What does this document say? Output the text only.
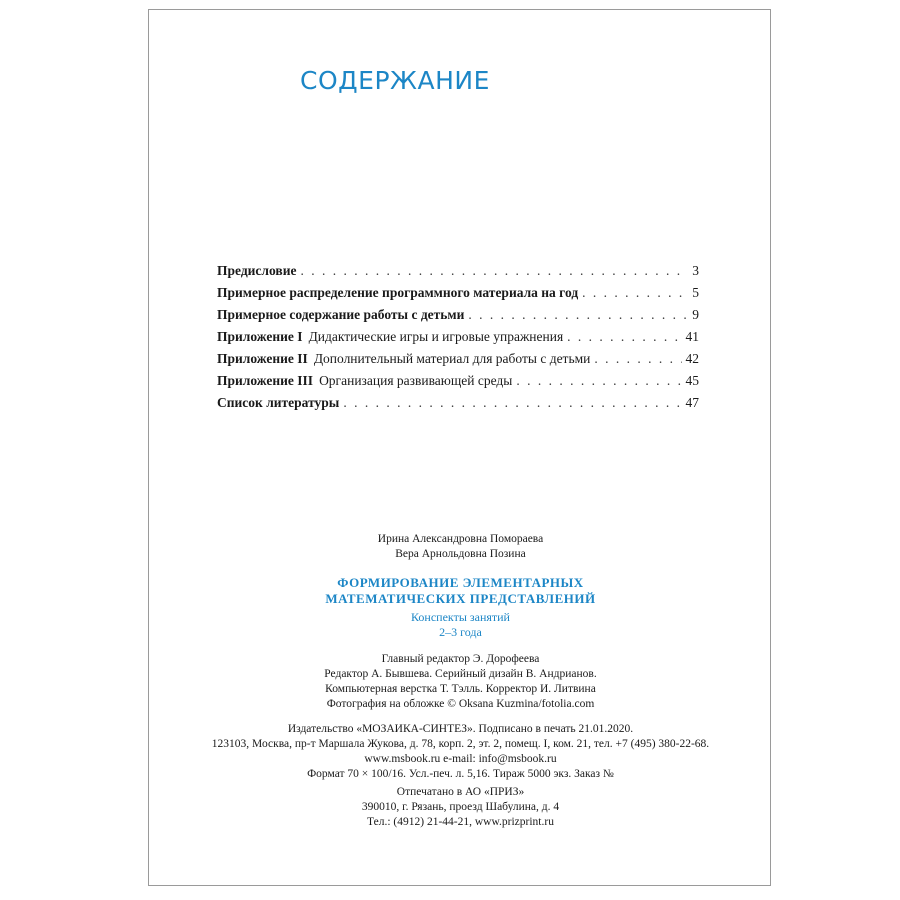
СОДЕРЖАНИЕ
Предисловие . . .	3
Примерное распределение программного материала на год . . .	5
Примерное содержание работы с детьми . . .	9
Приложение I Дидактические игры и игровые упражнения . . .	41
Приложение II Дополнительный материал для работы с детьми . . .	42
Приложение III Организация развивающей среды . . .	45
Список литературы . . .	47
Ирина Александровна Помораева
Вера Арнольдовна Позина
ФОРМИРОВАНИЕ ЭЛЕМЕНТАРНЫХ
МАТЕМАТИЧЕСКИХ ПРЕДСТАВЛЕНИЙ
Конспекты занятий
2–3 года
Главный редактор Э. Дорофеева
Редактор А. Бывшева. Серийный дизайн В. Андрианов.
Компьютерная верстка Т. Тэлль. Корректор И. Литвина
Фотография на обложке © Oksana Kuzmina/fotolia.com
Издательство «МОЗАИКА-СИНТЕЗ». Подписано в печать 21.01.2020.
123103, Москва, пр-т Маршала Жукова, д. 78, корп. 2, эт. 2, помещ. I, ком. 21, тел. +7 (495) 380-22-68.
www.msbook.ru e-mail: info@msbook.ru
Формат 70 × 100/16. Усл.-печ. л. 5,16. Тираж 5000 экз. Заказ №
Отпечатано в АО «ПРИЗ»
390010, г. Рязань, проезд Шабулина, д. 4
Тел.: (4912) 21-44-21, www.prizprint.ru
